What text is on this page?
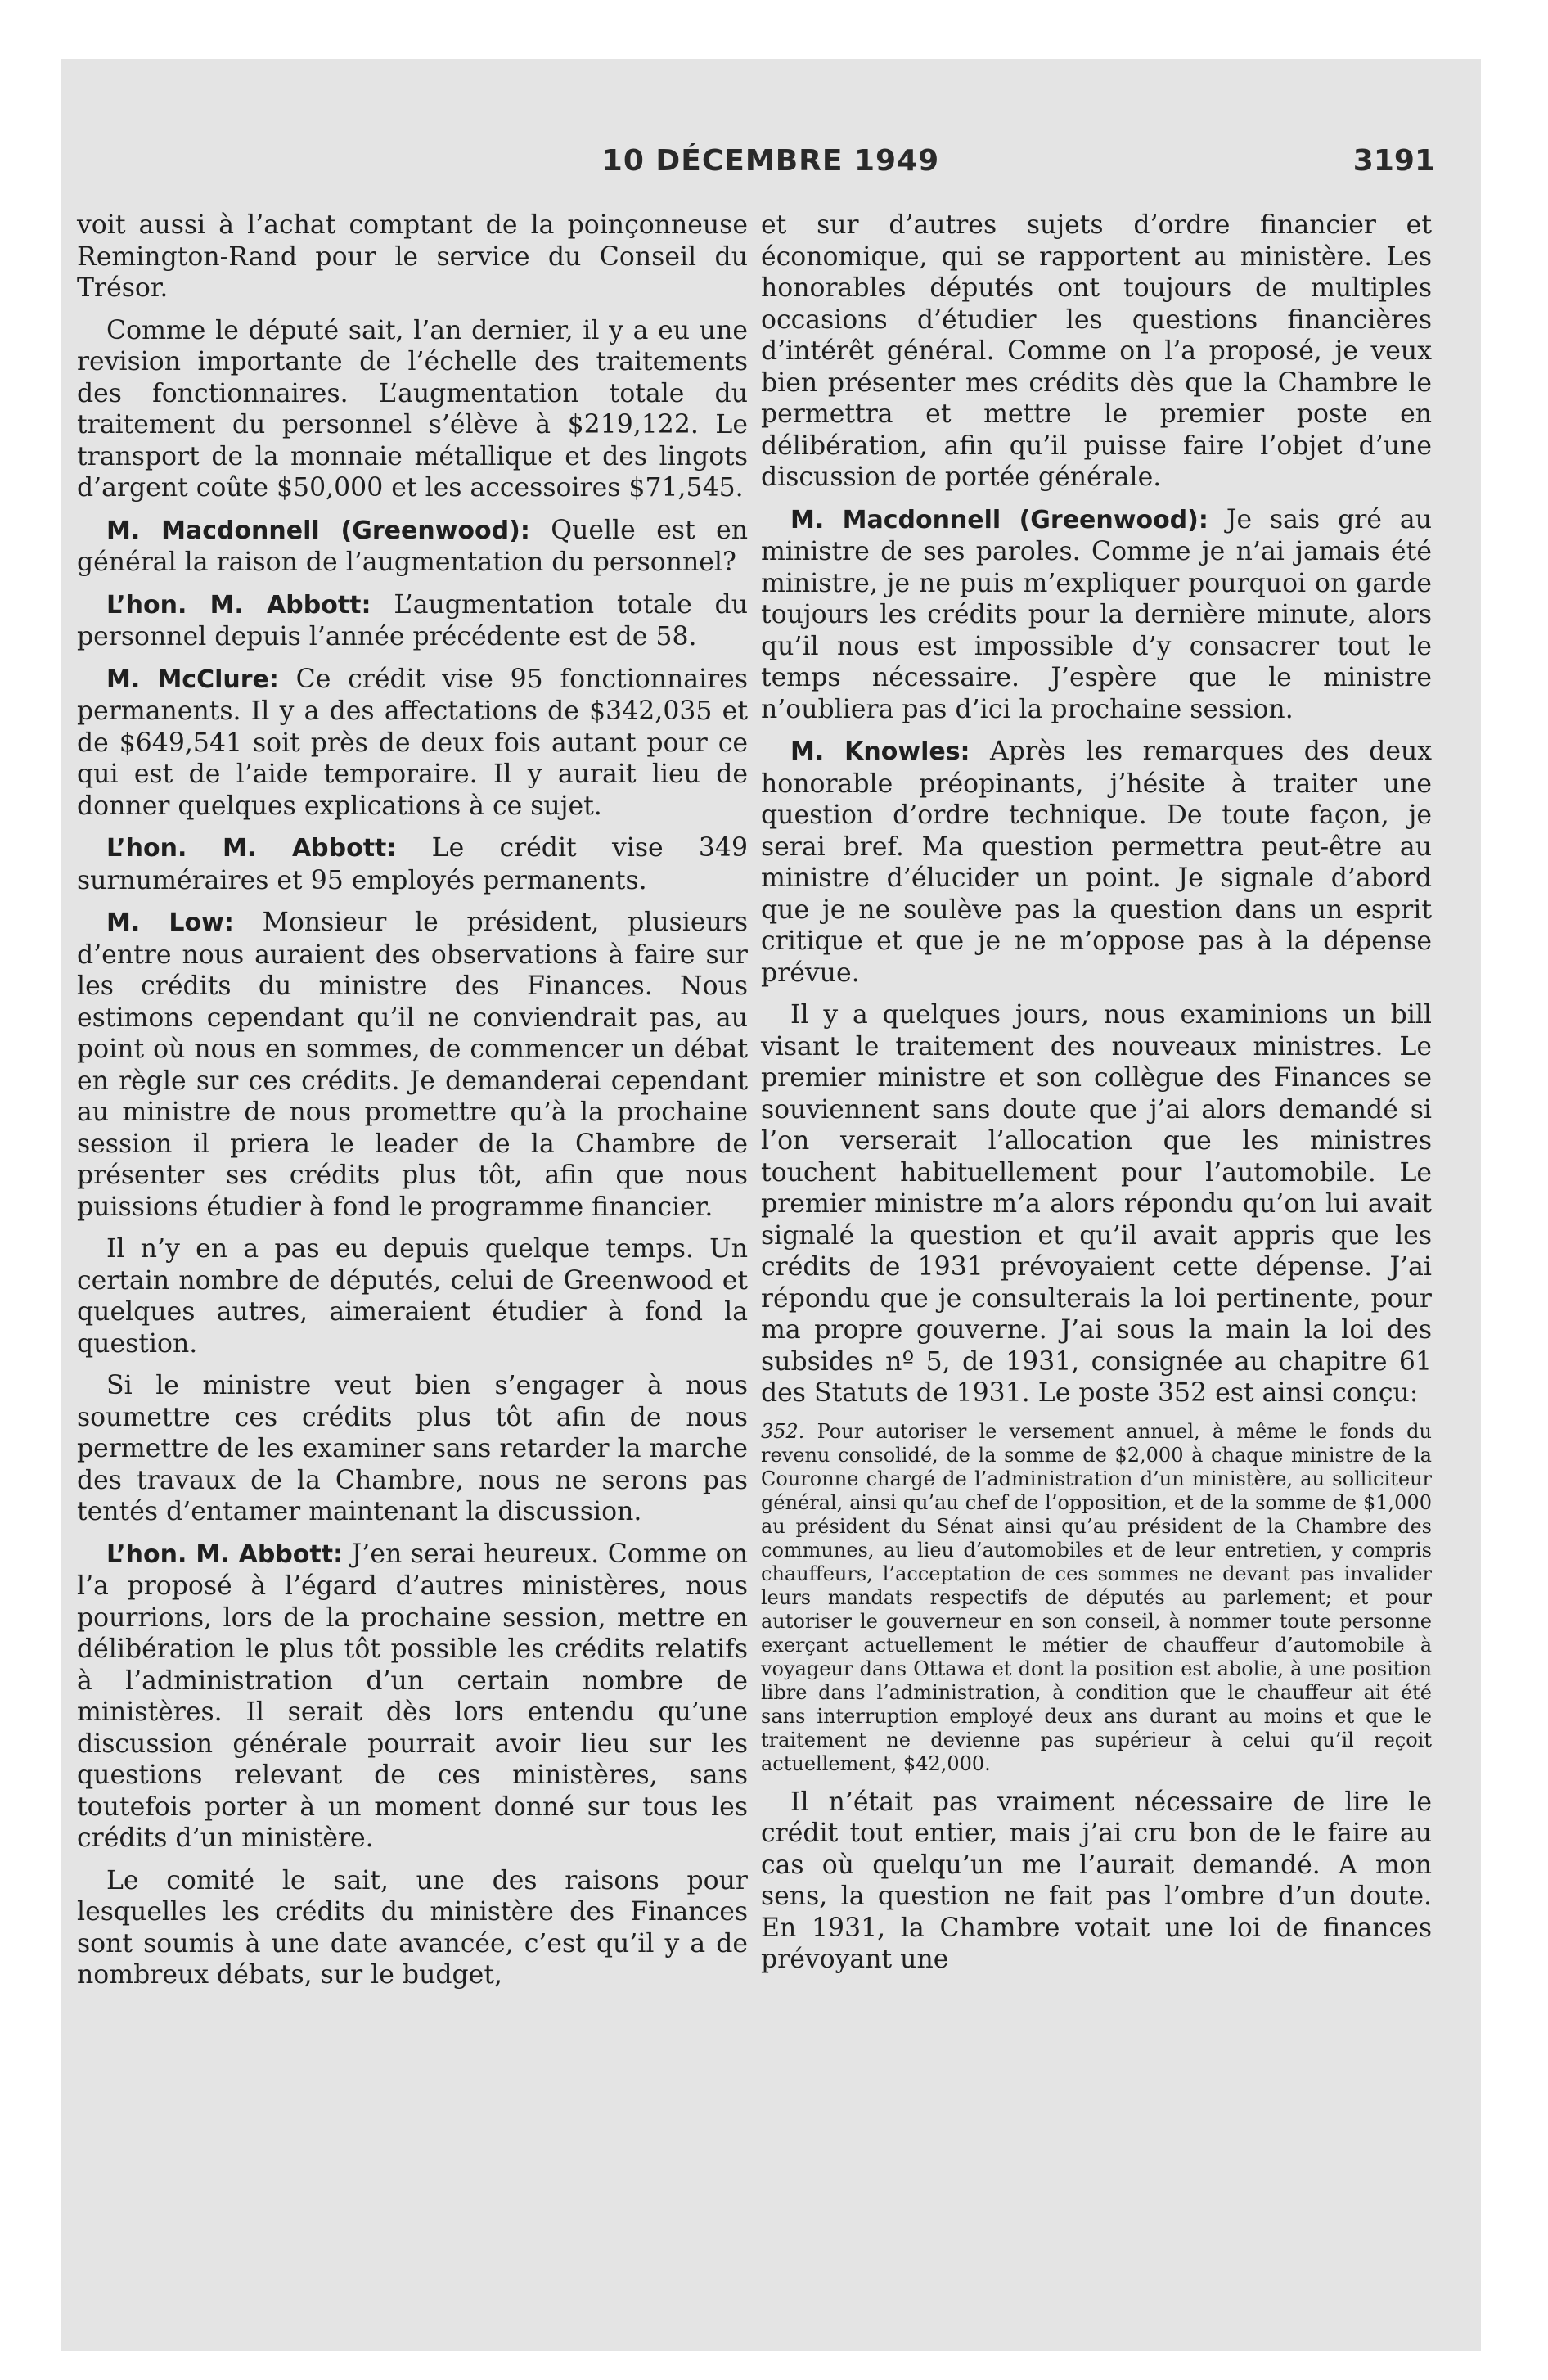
10 DÉCEMBRE 1949	3191

voit aussi à l’achat comptant de la poinçonneuse Remington-Rand pour le service du Conseil du Trésor.

Comme le député sait, l’an dernier, il y a eu une revision importante de l’échelle des traitements des fonctionnaires. L’augmentation totale du traitement du personnel s’élève à $219,122. Le transport de la monnaie métallique et des lingots d’argent coûte $50,000 et les accessoires $71,545.

M. Macdonnell (Greenwood): Quelle est en général la raison de l’augmentation du personnel?

L’hon. M. Abbott: L’augmentation totale du personnel depuis l’année précédente est de 58.

M. McClure: Ce crédit vise 95 fonctionnaires permanents. Il y a des affectations de $342,035 et de $649,541 soit près de deux fois autant pour ce qui est de l’aide temporaire. Il y aurait lieu de donner quelques explications à ce sujet.

L’hon. M. Abbott: Le crédit vise 349 surnuméraires et 95 employés permanents.

M. Low: Monsieur le président, plusieurs d’entre nous auraient des observations à faire sur les crédits du ministre des Finances. Nous estimons cependant qu’il ne conviendrait pas, au point où nous en sommes, de commencer un débat en règle sur ces crédits. Je demanderai cependant au ministre de nous promettre qu’à la prochaine session il priera le leader de la Chambre de présenter ses crédits plus tôt, afin que nous puissions étudier à fond le programme financier.

Il n’y en a pas eu depuis quelque temps. Un certain nombre de députés, celui de Greenwood et quelques autres, aimeraient étudier à fond la question.

Si le ministre veut bien s’engager à nous soumettre ces crédits plus tôt afin de nous permettre de les examiner sans retarder la marche des travaux de la Chambre, nous ne serons pas tentés d’entamer maintenant la discussion.

L’hon. M. Abbott: J’en serai heureux. Comme on l’a proposé à l’égard d’autres ministères, nous pourrions, lors de la prochaine session, mettre en délibération le plus tôt possible les crédits relatifs à l’administration d’un certain nombre de ministères. Il serait dès lors entendu qu’une discussion générale pourrait avoir lieu sur les questions relevant de ces ministères, sans toutefois porter à un moment donné sur tous les crédits d’un ministère.

Le comité le sait, une des raisons pour lesquelles les crédits du ministère des Finances sont soumis à une date avancée, c’est qu’il y a de nombreux débats, sur le budget,

et sur d’autres sujets d’ordre financier et économique, qui se rapportent au ministère. Les honorables députés ont toujours de multiples occasions d’étudier les questions financières d’intérêt général. Comme on l’a proposé, je veux bien présenter mes crédits dès que la Chambre le permettra et mettre le premier poste en délibération, afin qu’il puisse faire l’objet d’une discussion de portée générale.

M. Macdonnell (Greenwood): Je sais gré au ministre de ses paroles. Comme je n’ai jamais été ministre, je ne puis m’expliquer pourquoi on garde toujours les crédits pour la dernière minute, alors qu’il nous est impossible d’y consacrer tout le temps nécessaire. J’espère que le ministre n’oubliera pas d’ici la prochaine session.

M. Knowles: Après les remarques des deux honorable préopinants, j’hésite à traiter une question d’ordre technique. De toute façon, je serai bref. Ma question permettra peut-être au ministre d’élucider un point. Je signale d’abord que je ne soulève pas la question dans un esprit critique et que je ne m’oppose pas à la dépense prévue.

Il y a quelques jours, nous examinions un bill visant le traitement des nouveaux ministres. Le premier ministre et son collègue des Finances se souviennent sans doute que j’ai alors demandé si l’on verserait l’allocation que les ministres touchent habituellement pour l’automobile. Le premier ministre m’a alors répondu qu’on lui avait signalé la question et qu’il avait appris que les crédits de 1931 prévoyaient cette dépense. J’ai répondu que je consulterais la loi pertinente, pour ma propre gouverne. J’ai sous la main la loi des subsides nº 5, de 1931, consignée au chapitre 61 des Statuts de 1931. Le poste 352 est ainsi conçu:

352. Pour autoriser le versement annuel, à même le fonds du revenu consolidé, de la somme de $2,000 à chaque ministre de la Couronne chargé de l’administration d’un ministère, au solliciteur général, ainsi qu’au chef de l’opposition, et de la somme de $1,000 au président du Sénat ainsi qu’au président de la Chambre des communes, au lieu d’automobiles et de leur entretien, y compris chauffeurs, l’acceptation de ces sommes ne devant pas invalider leurs mandats respectifs de députés au parlement; et pour autoriser le gouverneur en son conseil, à nommer toute personne exerçant actuellement le métier de chauffeur d’automobile à voyageur dans Ottawa et dont la position est abolie, à une position libre dans l’administration, à condition que le chauffeur ait été sans interruption employé deux ans durant au moins et que le traitement ne devienne pas supérieur à celui qu’il reçoit actuellement, $42,000.

Il n’était pas vraiment nécessaire de lire le crédit tout entier, mais j’ai cru bon de le faire au cas où quelqu’un me l’aurait demandé. A mon sens, la question ne fait pas l’ombre d’un doute. En 1931, la Chambre votait une loi de finances prévoyant une
